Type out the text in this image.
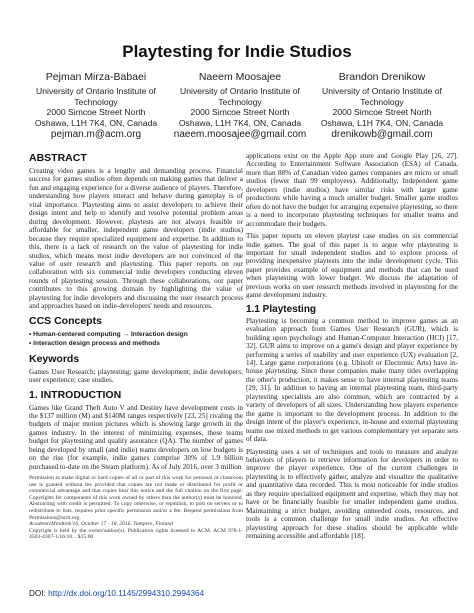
Playtesting for Indie Studios
Pejman Mirza-Babaei
University of Ontario Institute of Technology
2000 Simcoe Street North
Oshawa, L1H 7K4, ON, Canada
pejman.m@acm.org
Naeem Moosajee
University of Ontario Institute of Technology
2000 Simcoe Street North
Oshawa, L1H 7K4, ON, Canada
naeem.moosajee@gmail.com
Brandon Drenikow
University of Ontario Institute of Technology
2000 Simcoe Street North
Oshawa, L1H 7K4, ON, Canada
drenikowb@gmail.com
ABSTRACT

Creating video games is a lengthy and demanding process. Financial success for games studios often depends on making games that deliver a fun and engaging experience for a diverse audience of players. Therefore, understanding how players interact and behave during gameplay is of vital importance. Playtesting aims to assist developers to achieve their design intent and help to identify and resolve potential problem areas during development. However, playtests are not always feasible or affordable for smaller, independent game developers (indie studios) because they require specialized equipment and expertise. In addition to this, there is a lack of research on the value of playtesting for indie studios, which means most indie developers are not convinced of the value of user research and playtesting. This paper reports on our collaboration with six commercial indie developers conducting eleven rounds of playtesting session. Through these collaborations, our paper contributes to this growing domain by highlighting the value of playtesting for indie developers and discussing the user research process and approaches based on indie-developers' needs and resources.

CCS Concepts
• Human-centered computing → Interaction design
• Interaction design process and methods
Keywords

Games User Research; playtesting; game development; indie developers; user experience; case studies.

1. INTRODUCTION

Games like Grand Theft Auto V and Destiny have development costs in the $137 million (M) and $140M ranges respectively [23, 25] rivaling the budgets of major motion pictures which is showing large growth in the games industry. In the interest of minimizing expenses, these teams budget for playtesting and quality assurance (QA). The number of games being developed by small (and indie) teams developers on low budgets is on the rise (for example, indie games comprise 30% of 1.9 billion purchased to-date on the Steam platform). As of July 2016, over 3 million

Permission to make digital or hard copies of all or part of this work for personal or classroom use is granted without fee provided that copies are not made or distributed for profit or commercial advantage and that copies bear this notice and the full citation on the first page. Copyrights for components of this work owned by others than the author(s) must be honored. Abstracting with credit is permitted. To copy otherwise, or republish, to post on servers or to redistribute to lists, requires prior specific permission and/or a fee. Request permissions from Permissions@acm.org.
AcademicMindtrek'16, October 17 - 18, 2016, Tampere, Finland
Copyright is held by the owner/author(s). Publication rights licensed to ACM. ACM 978-1-4503-4367-1/16/10…$15.00
DOI: http://dx.doi.org/10.1145/2994310.2994364

applications exist on the Apple App store and Google Play [26, 27]. According to Entertainment Software Association (ESA) of Canada, more than 88% of Canadian video games companies are micro or small studios (fewer than 99 employees). Additionally, Independent game developers (indie studios) have similar risks with larger game productions while having a much smaller budget. Smaller game studios often do not have the budget for arranging expensive playtesting, so there is a need to incorporate playtesting techniques for smaller teams and accommodate their budgets.

This paper reports on eleven playtest case studies on six commercial indie games. The goal of this paper is to argue why playtesting is important for small independent studios and to explore process of providing inexpensive playtests into the indie development cycle. This paper provides example of equipment and methods that can be used when playtesting with lower budget. We discuss the adaptation of previous works on user research methods involved in playtesting for the game development industry.

1.1 Playtesting

Playtesting is becoming a common method to improve games as an evaluation approach from Games User Research (GUR), which is building upon psychology and Human-Computer Interaction (HCI) [17, 32]. GUR aims to improve on a game's design and player experience by performing a series of usability and user experience (UX) evaluation [2, 14]. Large game corporations (e.g. Ubisoft or Electronic Arts) have in-house playtesting. Since these companies make many titles overlapping the other's production, it makes sense to have internal playtesting teams [29, 31]. In addition to having an internal playtesting team, third-party playtesting specialists are also common, which are contracted by a variety of developers of all sizes. Understanding how players experience the game is important to the development process. In addition to the design intent of the player's experience, in-house and external playtesting teams use mixed methods to get various complementary yet separate sets of data.

Playtesting uses a set of techniques and tools to measure and analyze behaviors of players to retrieve information for developers in order to improve the player experience. One of the current challenges in playtesting is to effectively gather, analyze and visualize the qualitative and quantitative data recorded. This is most noticeable for indie studios as they require specialized equipment and expertise, which they may not have or be financially feasible for smaller independent game studios. Maintaining a strict budget, avoiding unneeded costs, resources, and tools is a common challenge for small indie studios. An effective playtesting approach for these studios should be applicable while remaining accessible and affordable [18].
